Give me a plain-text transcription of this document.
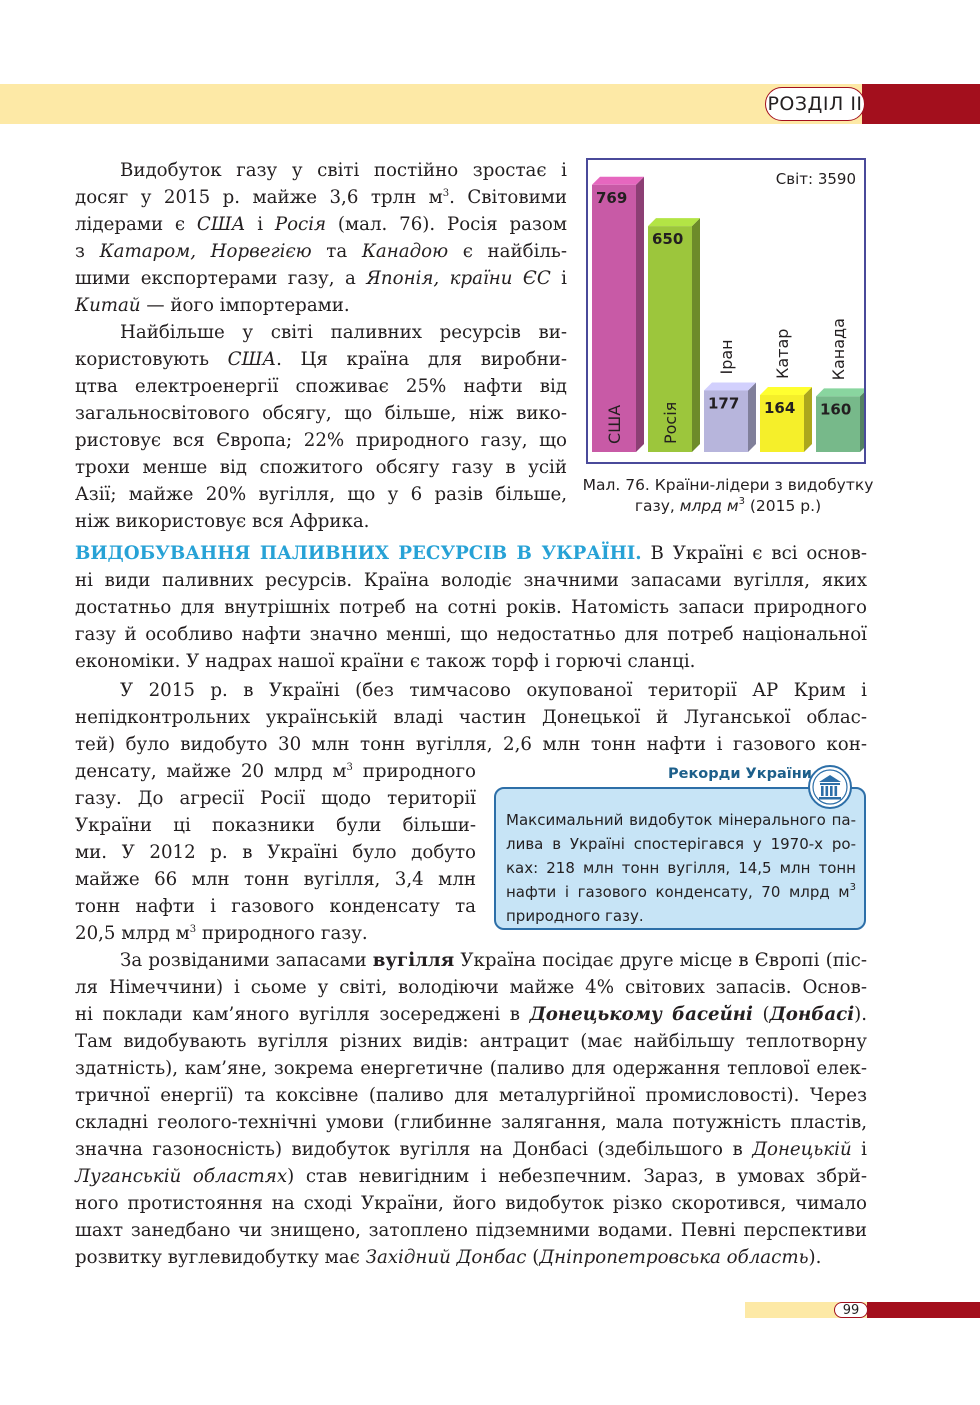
РОЗДІЛ II
Видобуток газу у світі постійно зростає і
досяг у 2015 р. майже 3,6 трлн $м^3$. Світовими
лідерами є США і Росія (мал. 76). Росія разом
з Катаром, Норвегією та Канадою є найбіль-
шими експортерами газу, а Японія, країни ЄС і
Китай — його імпортерами.
Найбільше у світі паливних ресурсів ви-
користовують США. Ця країна для виробни-
цтва електроенергії споживає 25% нафти від
загальносвітового обсягу, що більше, ніж вико-
ристовує вся Європа; 22% природного газу, що
трохи менше від спожитого обсягу газу в усій
Азії; майже 20% вугілля, що у 6 разів більше,
ніж використовує вся Африка.
Світ: 3590
769
США
650
Росія 177
Іран
164
Катар
160
Канада
Мал. 76. Країни-лідери з видобутку
газу, млрд $м^3$ (2015 р.)
ВИДОБУВАННЯ ПАЛИВНИХ РЕСУРСІВ В УКРАЇНІ. В Україні є всі основ-
ні види паливних ресурсів. Країна володіє значними запасами вугілля, яких
достатньо для внутрішніх потреб на сотні років. Натомість запаси природного
газу й особливо нафти значно менші, що недостатньо для потреб національної
економіки. У надрах нашої країни є також торф і горючі сланці.
У 2015 р. в Україні (без тимчасово окупованої території АР Крим і
непідконтрольних українській владі частин Донецької й Луганської облас-
тей) було видобуто 30 млн тонн вугілля, 2,6 млн тонн нафти і газового кон-
денсату, майже 20 млрд $м^3$ природного
газу. До агресії Росії щодо території
України ці показники були більши-
ми. У 2012 р. в Україні було добуто
майже 66 млн тонн вугілля, 3,4 млн
тонн нафти і газового конденсату та
20,5 млрд $м^3$ природного газу.
Рекорди України
Максимальний видобуток мінерального па-
лива в Україні спостерігався у 1970-х ро-
ках: 218 млн тонн вугілля, 14,5 млн тонн
нафти і газового конденсату, 70 млрд $м^3$
природного газу.
За розвіданими запасами вугілля Україна посідає друге місце в Європі (піс-
ля Німеччини) і сьоме у світі, володіючи майже 4% світових запасів. Основ-
ні поклади кам’яного вугілля зосереджені в Донецькому басейні (Донбасі).
Там видобувають вугілля різних видів: антрацит (має найбільшу теплотворну
здатність), кам’яне, зокрема енергетичне (паливо для одержання теплової елек-
тричної енергії) та коксівне (паливо для металургійної промисловості). Через
складні геолого-технічні умови (глибинне залягання, мала потужність пластів,
значна газоносність) видобуток вугілля на Донбасі (здебільшого в Донецькій і
Луганській областях) став невигідним і небезпечним. Зараз, в умовах збрй-
ного протистояння на сході України, його видобуток різко скоротився, чимало
шахт занедбано чи знищено, затоплено підземними водами. Певні перспективи
розвитку вуглевидобутку має Західний Донбас (Дніпропетровська область).
99
